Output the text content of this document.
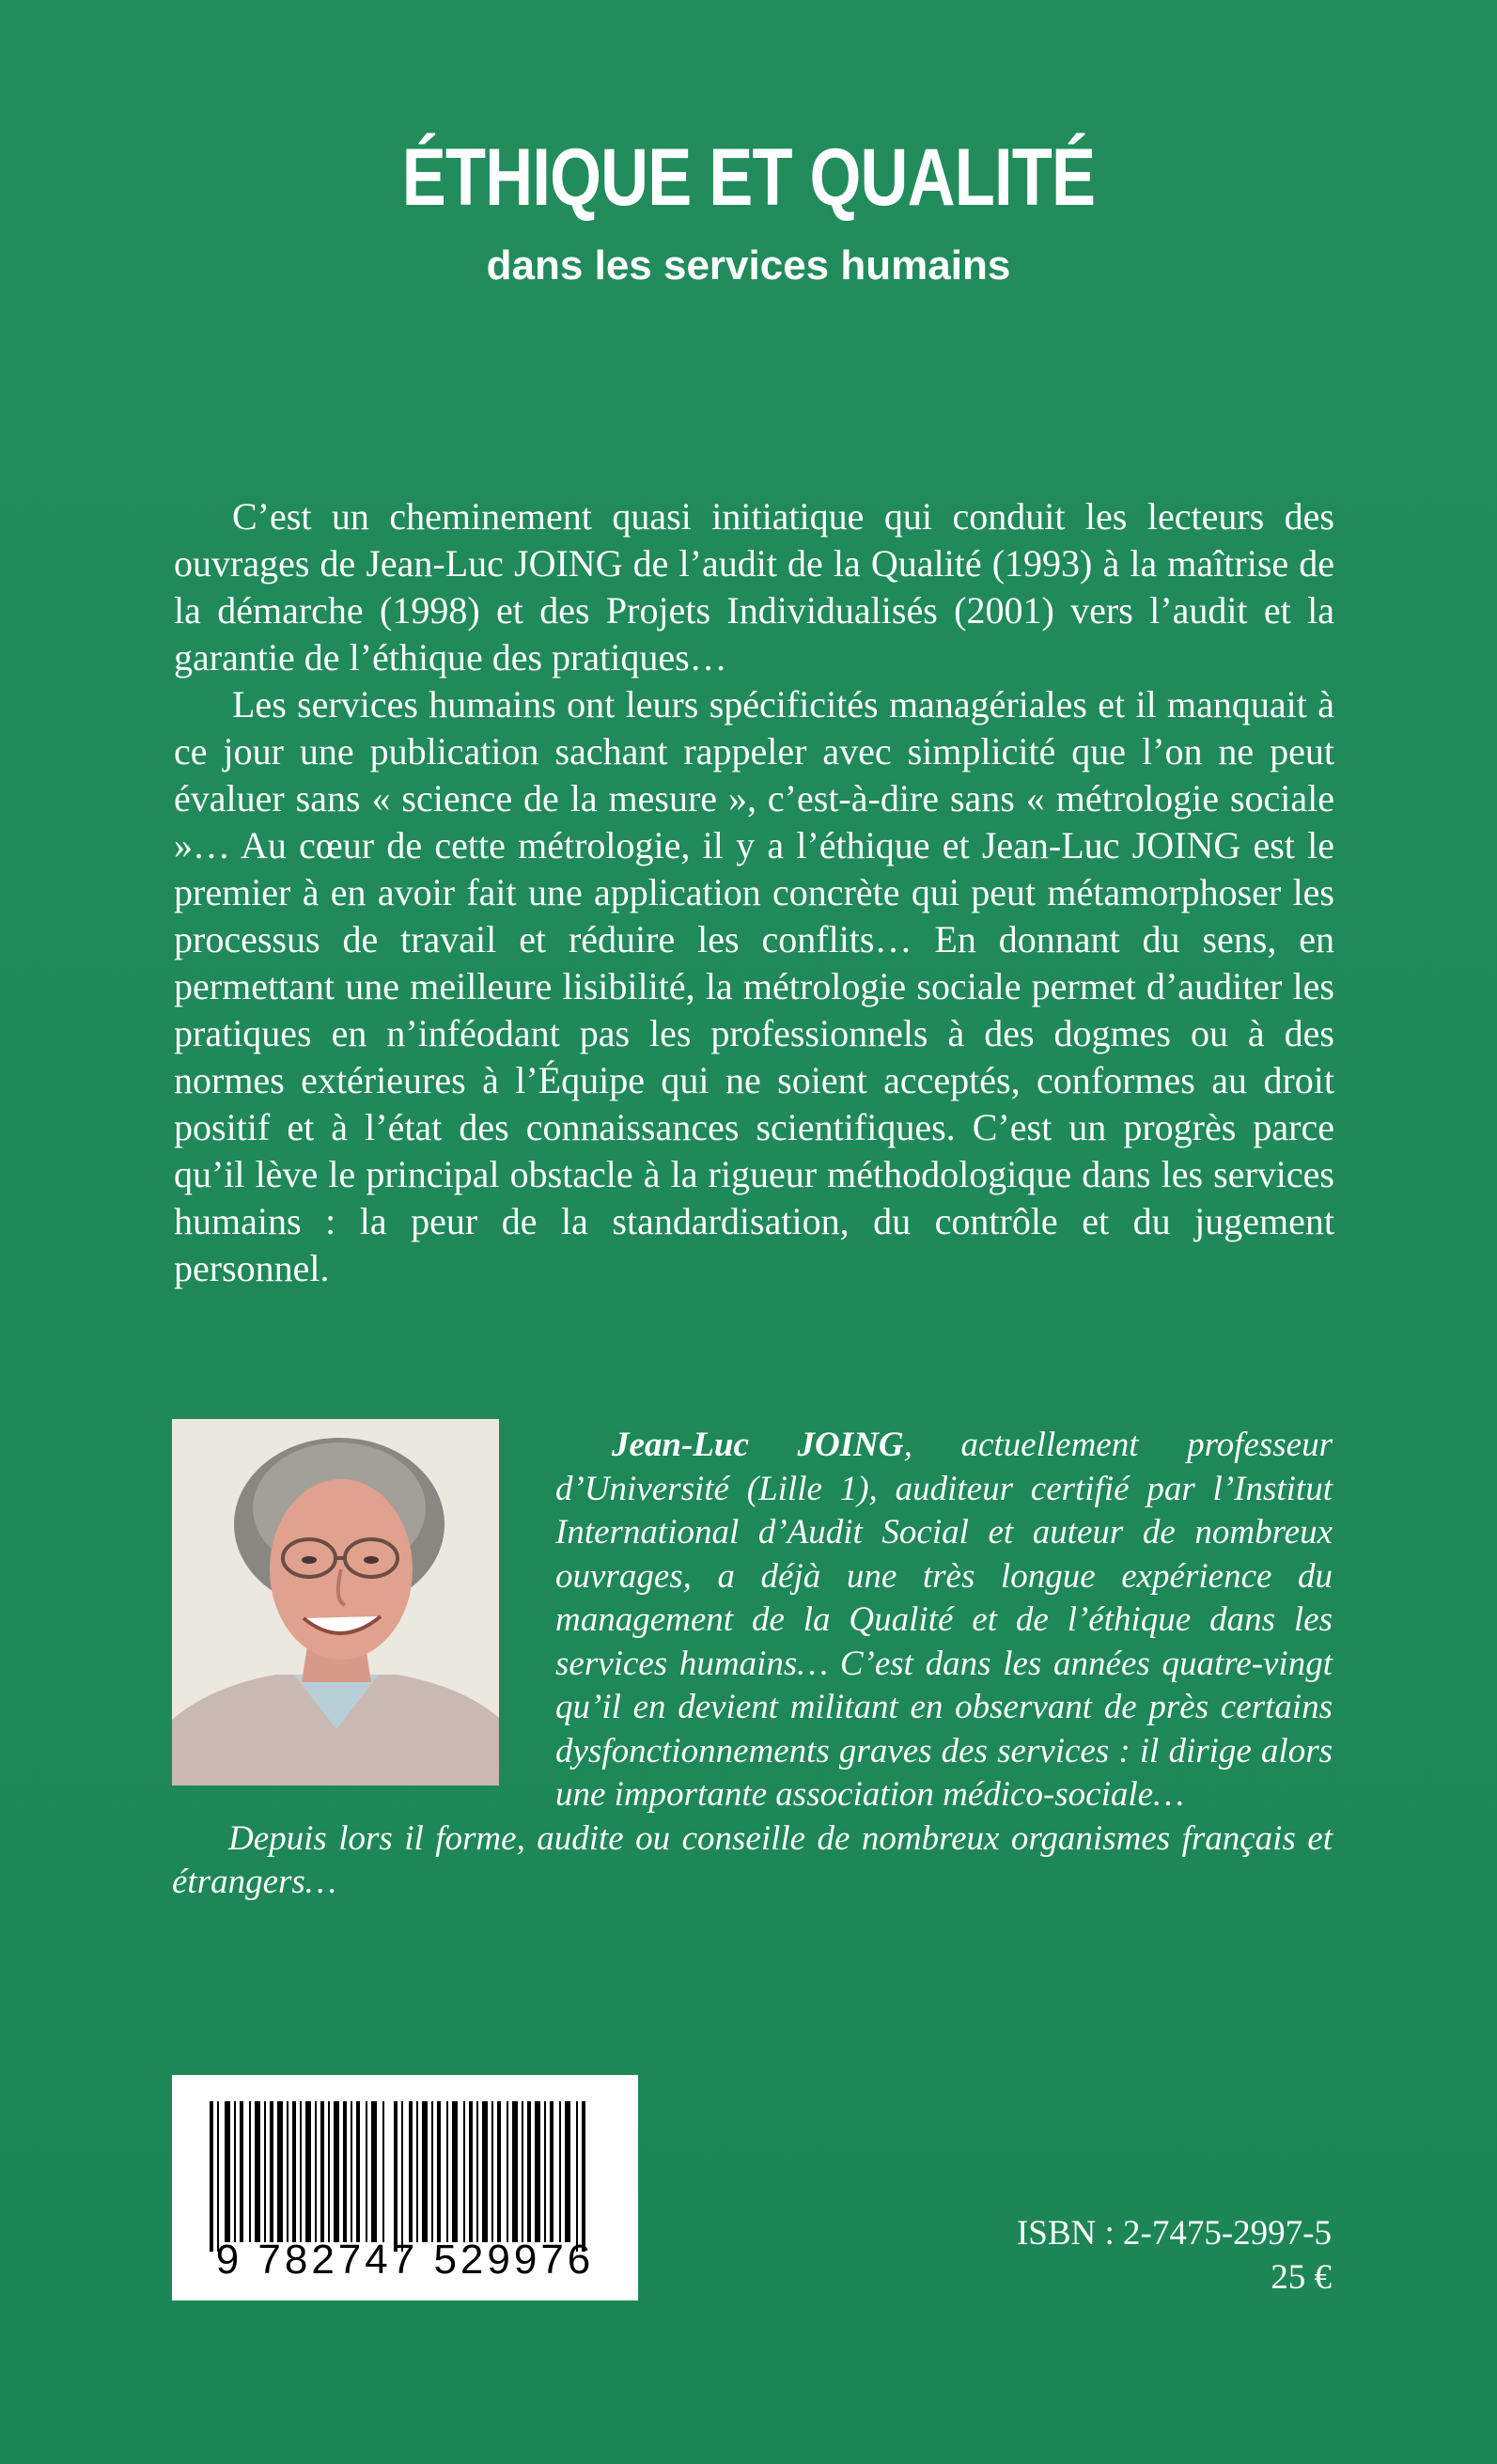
ÉTHIQUE ET QUALITÉ
dans les services humains

C’est un cheminement quasi initiatique qui conduit les lecteurs des ouvrages de Jean-Luc JOING de l’audit de la Qualité (1993) à la maîtrise de la démarche (1998) et des Projets Individualisés (2001) vers l’audit et la garantie de l’éthique des pratiques…

Les services humains ont leurs spécificités managériales et il manquait à ce jour une publication sachant rappeler avec simplicité que l’on ne peut évaluer sans « science de la mesure », c’est-à-dire sans « métrologie sociale »… Au cœur de cette métrologie, il y a l’éthique et Jean-Luc JOING est le premier à en avoir fait une application concrète qui peut métamorphoser les processus de travail et réduire les conflits… En donnant du sens, en permettant une meilleure lisibilité, la métrologie sociale permet d’auditer les pratiques en n’inféodant pas les professionnels à des dogmes ou à des normes extérieures à l’Équipe qui ne soient acceptés, conformes au droit positif et à l’état des connaissances scientifiques. C’est un progrès parce qu’il lève le principal obstacle à la rigueur méthodologique dans les services humains : la peur de la standardisation, du contrôle et du jugement personnel.

Jean-Luc JOING, actuellement professeur d’Université (Lille 1), auditeur certifié par l’Institut International d’Audit Social et auteur de nombreux ouvrages, a déjà une très longue expérience du management de la Qualité et de l’éthique dans les services humains… C’est dans les années quatre-vingt qu’il en devient militant en observant de près certains dysfonctionnements graves des services : il dirige alors une importante association médico-sociale…

Depuis lors il forme, audite ou conseille de nombreux organismes français et étrangers…

9 782747 529976

ISBN : 2-7475-2997-5

25 €
